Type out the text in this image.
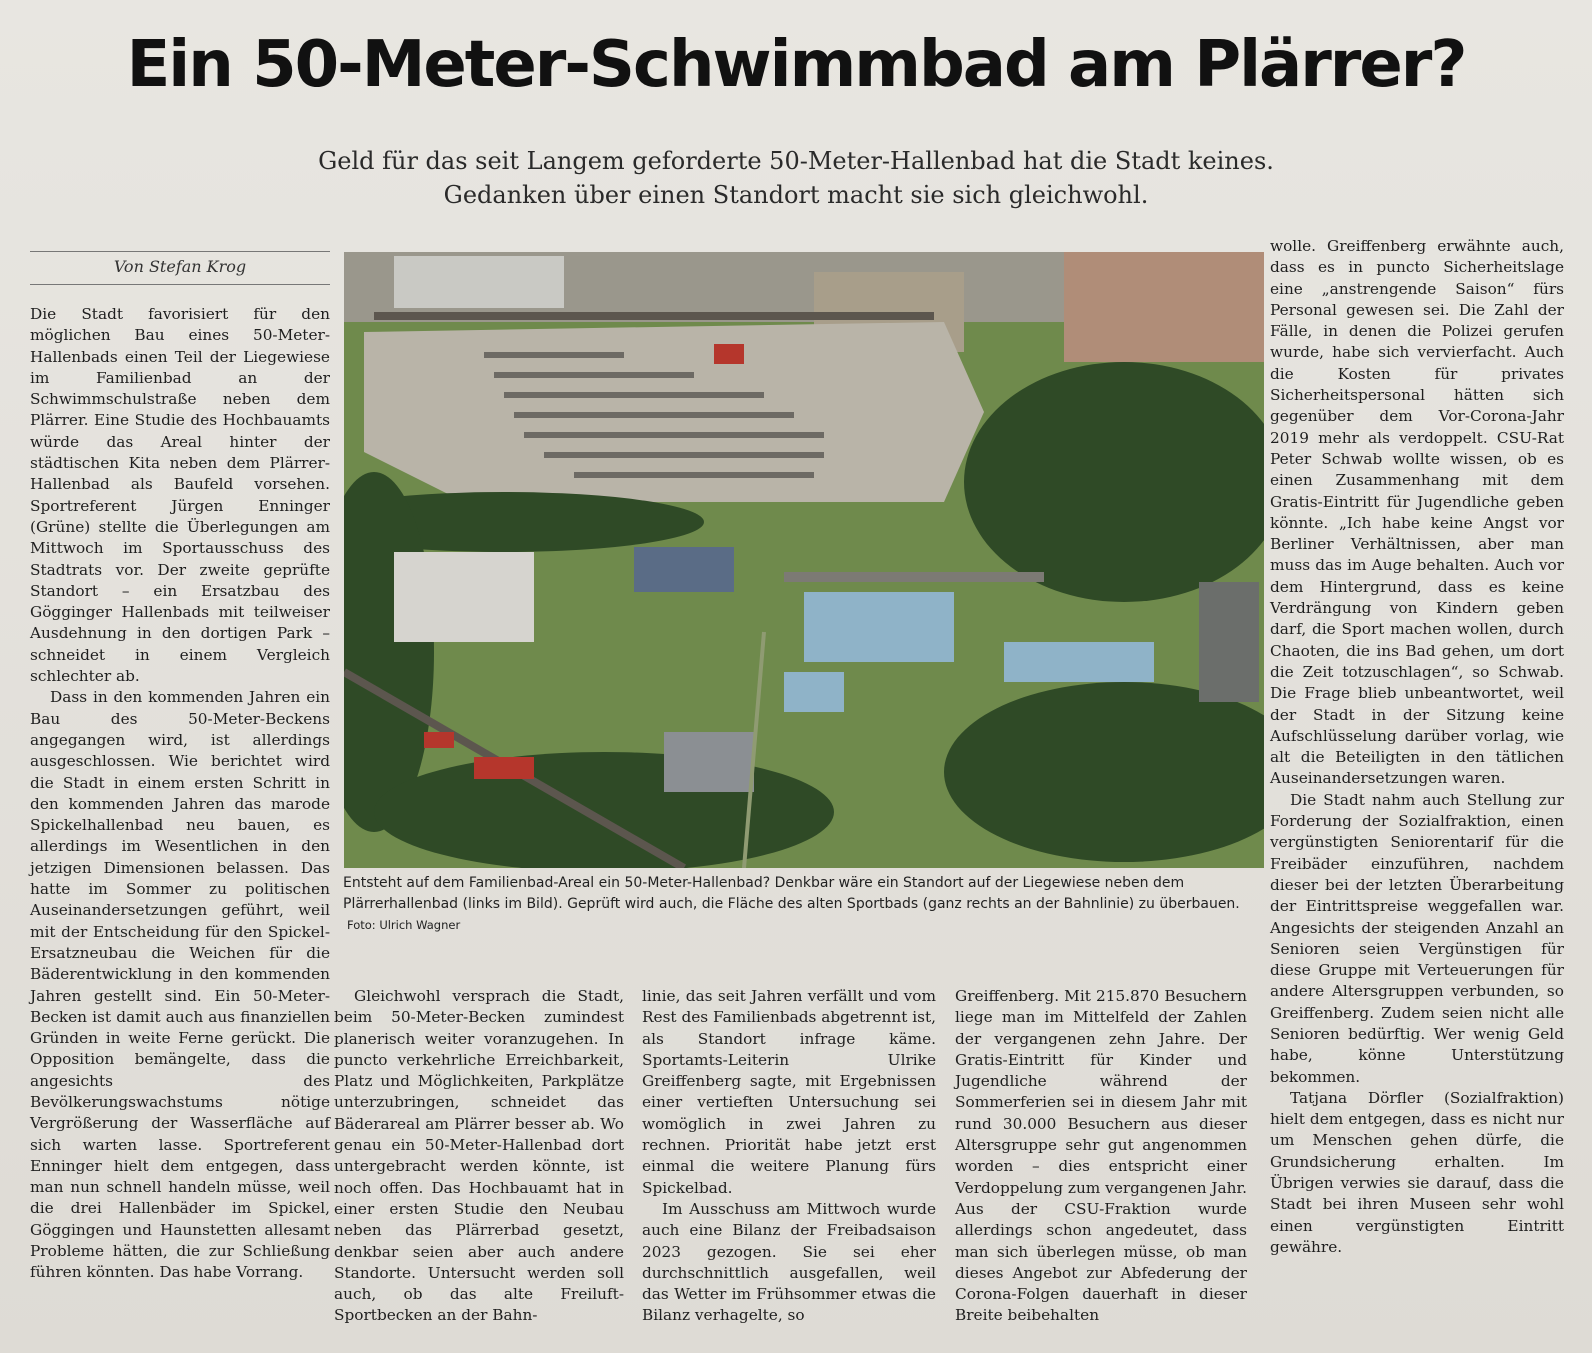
Ein 50-Meter-Schwimmbad am Plärrer?
Geld für das seit Langem geforderte 50-Meter-Hallenbad hat die Stadt keines.
Gedanken über einen Standort macht sie sich gleichwohl.
Von Stefan Krog

Die Stadt favorisiert für den möglichen Bau eines 50-Meter-Hallenbads einen Teil der Liegewiese im Familienbad an der Schwimmschulstraße neben dem Plärrer. Eine Studie des Hochbauamts würde das Areal hinter der städtischen Kita neben dem Plärrer-Hallenbad als Baufeld vorsehen. Sportreferent Jürgen Enninger (Grüne) stellte die Überlegungen am Mittwoch im Sportausschuss des Stadtrats vor. Der zweite geprüfte Standort – ein Ersatzbau des Gögginger Hallenbads mit teilweiser Ausdehnung in den dortigen Park – schneidet in einem Vergleich schlechter ab.

Dass in den kommenden Jahren ein Bau des 50-Meter-Beckens angegangen wird, ist allerdings ausgeschlossen. Wie berichtet wird die Stadt in einem ersten Schritt in den kommenden Jahren das marode Spickelhallenbad neu bauen, es allerdings im Wesentlichen in den jetzigen Dimensionen belassen. Das hatte im Sommer zu politischen Auseinandersetzungen geführt, weil mit der Entscheidung für den Spickel-Ersatzneubau die Weichen für die Bäderentwicklung in den kommenden Jahren gestellt sind. Ein 50-Meter-Becken ist damit auch aus finanziellen Gründen in weite Ferne gerückt. Die Opposition bemängelte, dass die angesichts des Bevölkerungswachstums nötige Vergrößerung der Wasserfläche auf sich warten lasse. Sportreferent Enninger hielt dem entgegen, dass man nun schnell handeln müsse, weil die drei Hallenbäder im Spickel, Göggingen und Haunstetten allesamt Probleme hätten, die zur Schließung führen könnten. Das habe Vorrang.

Entsteht auf dem Familienbad-Areal ein 50-Meter-Hallenbad? Denkbar wäre ein Standort auf der Liegewiese neben dem Plärrerhallenbad (links im Bild). Geprüft wird auch, die Fläche des alten Sportbads (ganz rechts an der Bahnlinie) zu überbauen. Foto: Ulrich Wagner

Gleichwohl versprach die Stadt, beim 50-Meter-Becken zumindest planerisch weiter voranzugehen. In puncto verkehrliche Erreichbarkeit, Platz und Möglichkeiten, Parkplätze unterzubringen, schneidet das Bäderareal am Plärrer besser ab. Wo genau ein 50-Meter-Hallenbad dort untergebracht werden könnte, ist noch offen. Das Hochbauamt hat in einer ersten Studie den Neubau neben das Plärrerbad gesetzt, denkbar seien aber auch andere Standorte. Untersucht werden soll auch, ob das alte Freiluft-Sportbecken an der Bahn-

linie, das seit Jahren verfällt und vom Rest des Familienbads abgetrennt ist, als Standort infrage käme. Sportamts-Leiterin Ulrike Greiffenberg sagte, mit Ergebnissen einer vertieften Untersuchung sei womöglich in zwei Jahren zu rechnen. Priorität habe jetzt erst einmal die weitere Planung fürs Spickelbad.

Im Ausschuss am Mittwoch wurde auch eine Bilanz der Freibadsaison 2023 gezogen. Sie sei eher durchschnittlich ausgefallen, weil das Wetter im Frühsommer etwas die Bilanz verhagelte, so

Greiffenberg. Mit 215.870 Besuchern liege man im Mittelfeld der Zahlen der vergangenen zehn Jahre. Der Gratis-Eintritt für Kinder und Jugendliche während der Sommerferien sei in diesem Jahr mit rund 30.000 Besuchern aus dieser Altersgruppe sehr gut angenommen worden – dies entspricht einer Verdoppelung zum vergangenen Jahr. Aus der CSU-Fraktion wurde allerdings schon angedeutet, dass man sich überlegen müsse, ob man dieses Angebot zur Abfederung der Corona-Folgen dauerhaft in dieser Breite beibehalten

wolle. Greiffenberg erwähnte auch, dass es in puncto Sicherheitslage eine „anstrengende Saison“ fürs Personal gewesen sei. Die Zahl der Fälle, in denen die Polizei gerufen wurde, habe sich vervierfacht. Auch die Kosten für privates Sicherheitspersonal hätten sich gegenüber dem Vor-Corona-Jahr 2019 mehr als verdoppelt. CSU-Rat Peter Schwab wollte wissen, ob es einen Zusammenhang mit dem Gratis-Eintritt für Jugendliche geben könnte. „Ich habe keine Angst vor Berliner Verhältnissen, aber man muss das im Auge behalten. Auch vor dem Hintergrund, dass es keine Verdrängung von Kindern geben darf, die Sport machen wollen, durch Chaoten, die ins Bad gehen, um dort die Zeit totzuschlagen“, so Schwab. Die Frage blieb unbeantwortet, weil der Stadt in der Sitzung keine Aufschlüsselung darüber vorlag, wie alt die Beteiligten in den tätlichen Auseinandersetzungen waren.

Die Stadt nahm auch Stellung zur Forderung der Sozialfraktion, einen vergünstigten Seniorentarif für die Freibäder einzuführen, nachdem dieser bei der letzten Überarbeitung der Eintrittspreise weggefallen war. Angesichts der steigenden Anzahl an Senioren seien Vergünstigen für diese Gruppe mit Verteuerungen für andere Altersgruppen verbunden, so Greiffenberg. Zudem seien nicht alle Senioren bedürftig. Wer wenig Geld habe, könne Unterstützung bekommen.

Tatjana Dörfler (Sozialfraktion) hielt dem entgegen, dass es nicht nur um Menschen gehen dürfe, die Grundsicherung erhalten. Im Übrigen verwies sie darauf, dass die Stadt bei ihren Museen sehr wohl einen vergünstigten Eintritt gewähre.
